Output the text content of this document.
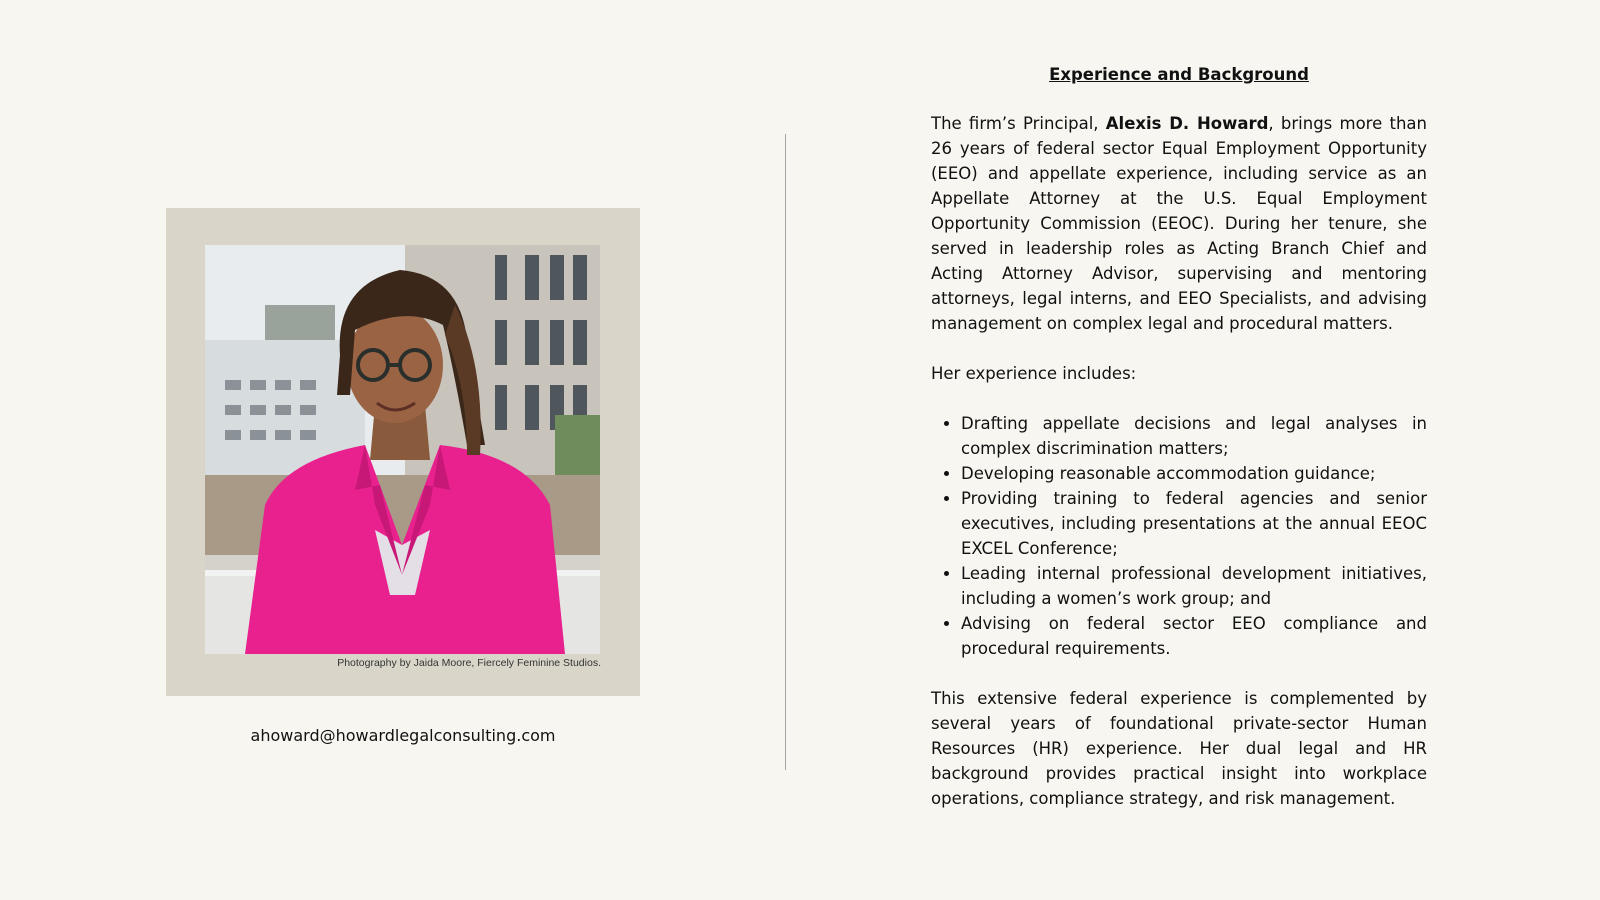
Photography by Jaida Moore, Fiercely Feminine Studios.
ahoward@howardlegalconsulting.com
Experience and Background

The firm’s Principal, Alexis D. Howard, brings more than 26 years of federal sector Equal Employment Opportunity (EEO) and appellate experience, including service as an Appellate Attorney at the U.S. Equal Employment Opportunity Commission (EEOC). During her tenure, she served in leadership roles as Acting Branch Chief and Acting Attorney Advisor, supervising and mentoring attorneys, legal interns, and EEO Specialists, and advising management on complex legal and procedural matters.

Her experience includes:

• Drafting appellate decisions and legal analyses in complex discrimination matters;
• Developing reasonable accommodation guidance;
• Providing training to federal agencies and senior executives, including presentations at the annual EEOC EXCEL Conference;
• Leading internal professional development initiatives, including a women’s work group; and
• Advising on federal sector EEO compliance and procedural requirements.

This extensive federal experience is complemented by several years of foundational private-sector Human Resources (HR) experience. Her dual legal and HR background provides practical insight into workplace operations, compliance strategy, and risk management.
